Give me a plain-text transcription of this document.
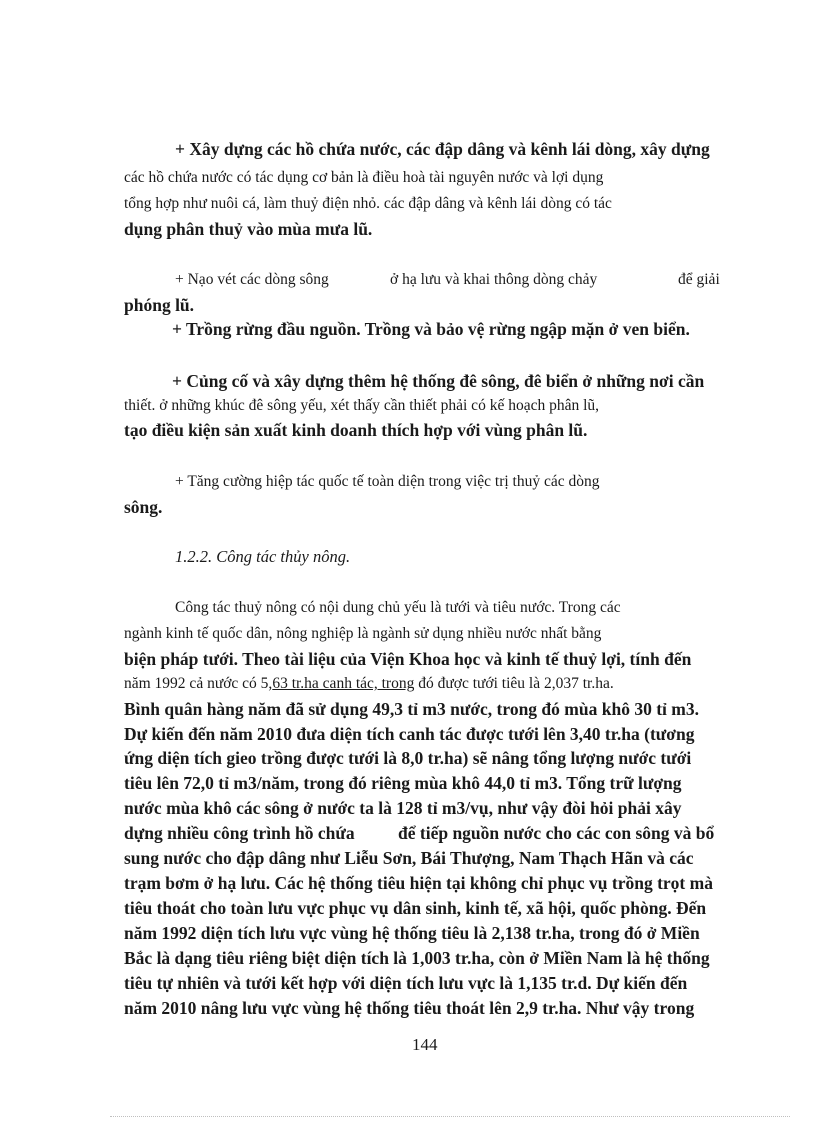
+ Xây dựng các hồ chứa nước, các đập dâng và kênh lái dòng, xây dựng
các hồ chứa nước có tác dụng cơ bản là điều hoà tài nguyên nước và lợi dụng
tổng hợp như nuôi cá, làm thuỷ điện nhỏ. các đập dâng và kênh lái dòng có tác
dụng phân thuỷ vào mùa mưa lũ.
+ Nạo vét các dòng sông	ở hạ lưu và khai thông dòng chảy	để giải
phóng lũ.
+ Trồng rừng đầu nguồn. Trồng và bảo vệ rừng ngập mặn ở ven biển.
+ Củng cố và xây dựng thêm hệ thống đê sông, đê biển ở những nơi cần
thiết. ở những khúc đê sông yếu, xét thấy cần thiết phải có kế hoạch phân lũ,
tạo điều kiện sản xuất kinh doanh thích hợp với vùng phân lũ.
+ Tăng cường hiệp tác quốc tế toàn diện trong việc trị thuỷ các dòng
sông.
1.2.2. Công tác thủy nông.
Công tác thuỷ nông có nội dung chủ yếu là tưới và tiêu nước. Trong các
ngành kinh tế quốc dân, nông nghiệp là ngành sử dụng nhiều nước nhất bằng
biện pháp tưới. Theo tài liệu của Viện Khoa học và kinh tế thuỷ lợi, tính đến
năm 1992 cả nước có 5,63 tr.ha canh tác, trong đó được tưới tiêu là 2,037 tr.ha.
Bình quân hàng năm đã sử dụng 49,3 tỉ m3 nước, trong đó mùa khô 30 tỉ m3.
Dự kiến đến năm 2010 đưa diện tích canh tác được tưới lên 3,40 tr.ha (tương
ứng diện tích gieo trồng được tưới là 8,0 tr.ha) sẽ nâng tổng lượng nước tưới
tiêu lên 72,0 tỉ m3/năm, trong đó riêng mùa khô 44,0 tỉ m3. Tổng trữ lượng
nước mùa khô các sông ở nước ta là 128 tỉ m3/vụ, như vậy đòi hỏi phải xây
dựng nhiều công trình hồ chứa để tiếp nguồn nước cho các con sông và bổ
sung nước cho đập dâng như Liễu Sơn, Bái Thượng, Nam Thạch Hãn và các
trạm bơm ở hạ lưu. Các hệ thống tiêu hiện tại không chỉ phục vụ trồng trọt mà
tiêu thoát cho toàn lưu vực phục vụ dân sinh, kinh tế, xã hội, quốc phòng. Đến
năm 1992 diện tích lưu vực vùng hệ thống tiêu là 2,138 tr.ha, trong đó ở Miền
Bắc là dạng tiêu riêng biệt diện tích là 1,003 tr.ha, còn ở Miền Nam là hệ thống
tiêu tự nhiên và tưới kết hợp với diện tích lưu vực là 1,135 tr.d. Dự kiến đến
năm 2010 nâng lưu vực vùng hệ thống tiêu thoát lên 2,9 tr.ha. Như vậy trong
144
